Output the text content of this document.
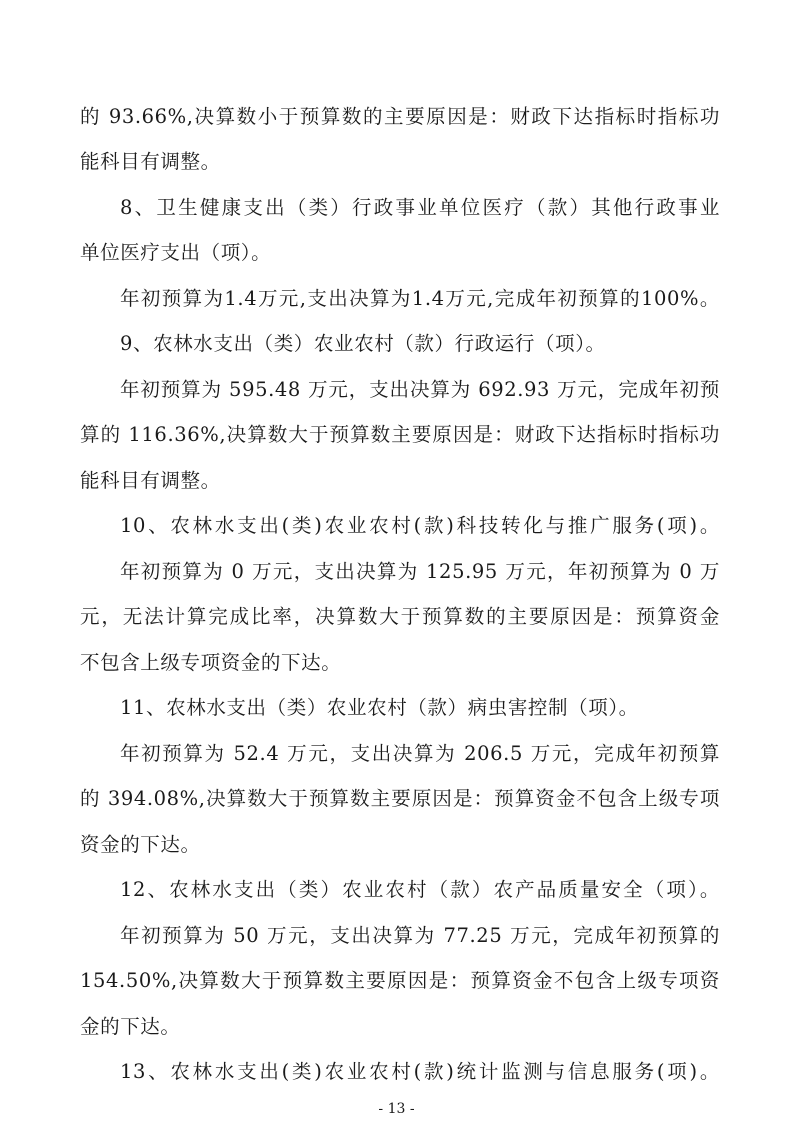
的 93.66%,决算数小于预算数的主要原因是：财政下达指标时指标功

能科目有调整。

8、卫生健康支出（类）行政事业单位医疗（款）其他行政事业

单位医疗支出（项）。

年初预算为1.4万元,支出决算为1.4万元,完成年初预算的100%。

9、农林水支出（类）农业农村（款）行政运行（项）。

年初预算为 595.48 万元，支出决算为 692.93 万元，完成年初预

算的 116.36%,决算数大于预算数主要原因是：财政下达指标时指标功

能科目有调整。

10、农林水支出(类)农业农村(款)科技转化与推广服务(项)。

年初预算为 0 万元，支出决算为 125.95 万元，年初预算为 0 万

元，无法计算完成比率，决算数大于预算数的主要原因是：预算资金

不包含上级专项资金的下达。

11、农林水支出（类）农业农村（款）病虫害控制（项）。

年初预算为 52.4 万元，支出决算为 206.5 万元，完成年初预算

的 394.08%,决算数大于预算数主要原因是：预算资金不包含上级专项

资金的下达。

12、农林水支出（类）农业农村（款）农产品质量安全（项）。

年初预算为 50 万元，支出决算为 77.25 万元，完成年初预算的

154.50%,决算数大于预算数主要原因是：预算资金不包含上级专项资

金的下达。

13、农林水支出(类)农业农村(款)统计监测与信息服务(项)。

- 13 -
